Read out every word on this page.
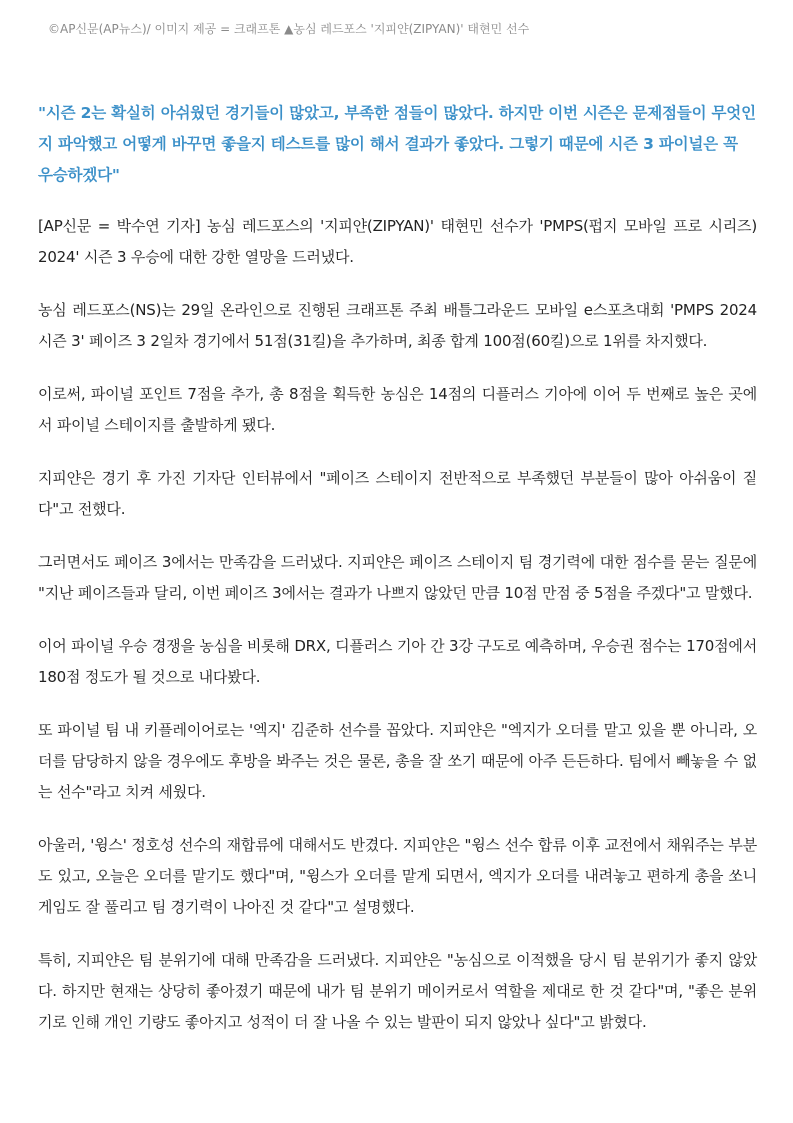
©AP신문(AP뉴스)/ 이미지 제공 = 크래프톤 ▲농심 레드포스 '지피얀(ZIPYAN)' 태현민 선수
"시즌 2는 확실히 아쉬웠던 경기들이 많았고, 부족한 점들이 많았다. 하지만 이번 시즌은 문제점들이 무엇인지 파악했고 어떻게 바꾸면 좋을지 테스트를 많이 해서 결과가 좋았다. 그렇기 때문에 시즌 3 파이널은 꼭 우승하겠다"

[AP신문 = 박수연 기자] 농심 레드포스의 '지피얀(ZIPYAN)' 태현민 선수가 'PMPS(펍지 모바일 프로 시리즈) 2024' 시즌 3 우승에 대한 강한 열망을 드러냈다.

농심 레드포스(NS)는 29일 온라인으로 진행된 크래프톤 주최 배틀그라운드 모바일 e스포츠대회 'PMPS 2024 시즌 3' 페이즈 3 2일차 경기에서 51점(31킬)을 추가하며, 최종 합계 100점(60킬)으로 1위를 차지했다.

이로써, 파이널 포인트 7점을 추가, 총 8점을 획득한 농심은 14점의 디플러스 기아에 이어 두 번째로 높은 곳에서 파이널 스테이지를 출발하게 됐다.

지피얀은 경기 후 가진 기자단 인터뷰에서 "페이즈 스테이지 전반적으로 부족했던 부분들이 많아 아쉬움이 짙다"고 전했다.

그러면서도 페이즈 3에서는 만족감을 드러냈다. 지피얀은 페이즈 스테이지 팀 경기력에 대한 점수를 묻는 질문에 "지난 페이즈들과 달리, 이번 페이즈 3에서는 결과가 나쁘지 않았던 만큼 10점 만점 중 5점을 주겠다"고 말했다.

이어 파이널 우승 경쟁을 농심을 비롯해 DRX, 디플러스 기아 간 3강 구도로 예측하며, 우승권 점수는 170점에서 180점 정도가 될 것으로 내다봤다.

또 파이널 팀 내 키플레이어로는 '엑지' 김준하 선수를 꼽았다. 지피얀은 "엑지가 오더를 맡고 있을 뿐 아니라, 오더를 담당하지 않을 경우에도 후방을 봐주는 것은 물론, 총을 잘 쏘기 때문에 아주 든든하다. 팀에서 빼놓을 수 없는 선수"라고 치켜 세웠다.

아울러, '윙스' 정호성 선수의 재합류에 대해서도 반겼다. 지피얀은 "윙스 선수 합류 이후 교전에서 채워주는 부분도 있고, 오늘은 오더를 맡기도 했다"며, "윙스가 오더를 맡게 되면서, 엑지가 오더를 내려놓고 편하게 총을 쏘니 게임도 잘 풀리고 팀 경기력이 나아진 것 같다"고 설명했다.

특히, 지피얀은 팀 분위기에 대해 만족감을 드러냈다. 지피얀은 "농심으로 이적했을 당시 팀 분위기가 좋지 않았다. 하지만 현재는 상당히 좋아졌기 때문에 내가 팀 분위기 메이커로서 역할을 제대로 한 것 같다"며, "좋은 분위기로 인해 개인 기량도 좋아지고 성적이 더 잘 나올 수 있는 발판이 되지 않았나 싶다"고 밝혔다.
